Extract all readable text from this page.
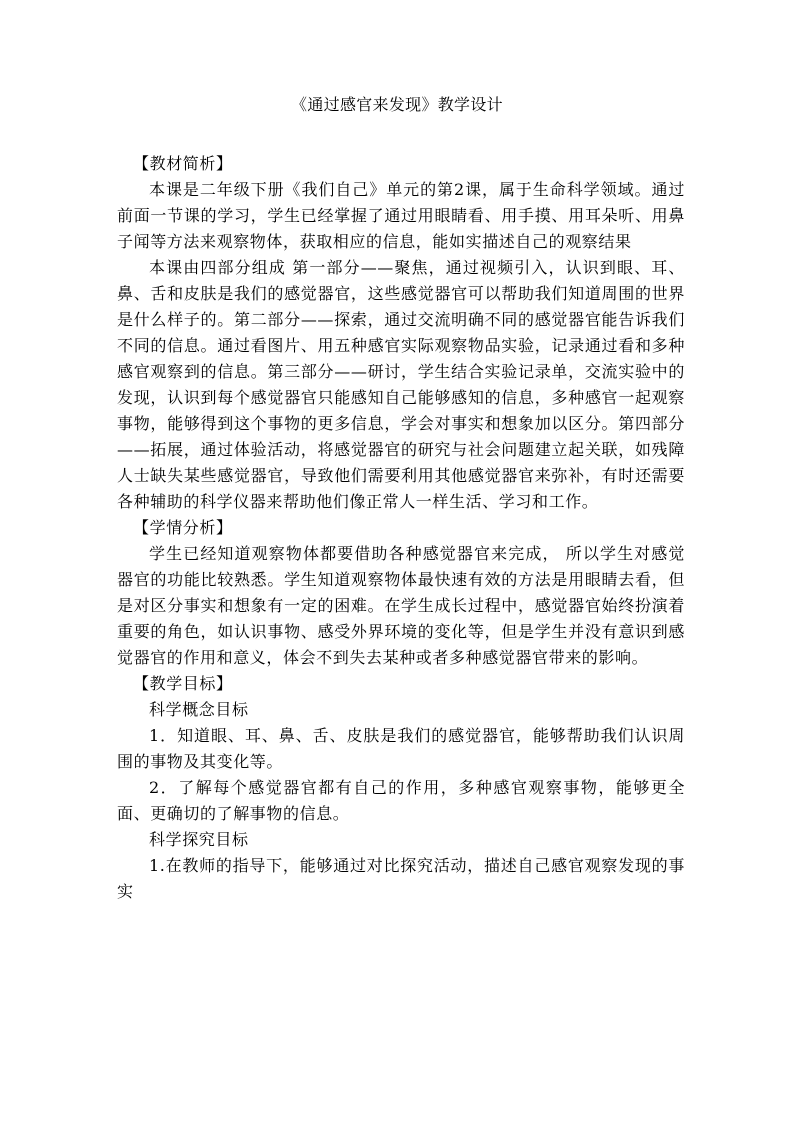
《通过感官来发现》教学设计

【教材简析】

本课是二年级下册《我们自己》单元的第2课，属于生命科学领域。通过前面一节课的学习，学生已经掌握了通过用眼睛看、用手摸、用耳朵听、用鼻子闻等方法来观察物体，获取相应的信息，能如实描述自己的观察结果

本课由四部分组成 第一部分——聚焦，通过视频引入，认识到眼、耳、鼻、舌和皮肤是我们的感觉器官，这些感觉器官可以帮助我们知道周围的世界是什么样子的。第二部分——探索，通过交流明确不同的感觉器官能告诉我们不同的信息。通过看图片、用五种感官实际观察物品实验，记录通过看和多种感官观察到的信息。第三部分——研讨，学生结合实验记录单，交流实验中的发现，认识到每个感觉器官只能感知自己能够感知的信息，多种感官一起观察事物，能够得到这个事物的更多信息，学会对事实和想象加以区分。第四部分——拓展，通过体验活动，将感觉器官的研究与社会问题建立起关联，如残障人士缺失某些感觉器官，导致他们需要利用其他感觉器官来弥补，有时还需要各种辅助的科学仪器来帮助他们像正常人一样生活、学习和工作。

【学情分析】

学生已经知道观察物体都要借助各种感觉器官来完成， 所以学生对感觉器官的功能比较熟悉。学生知道观察物体最快速有效的方法是用眼睛去看，但是对区分事实和想象有一定的困难。在学生成长过程中，感觉器官始终扮演着重要的角色，如认识事物、感受外界环境的变化等，但是学生并没有意识到感觉器官的作用和意义，体会不到失去某种或者多种感觉器官带来的影响。

【教学目标】

科学概念目标

1．知道眼、耳、鼻、舌、皮肤是我们的感觉器官，能够帮助我们认识周围的事物及其变化等。

2．了解每个感觉器官都有自己的作用，多种感官观察事物，能够更全面、更确切的了解事物的信息。

科学探究目标

1.在教师的指导下，能够通过对比探究活动，描述自己感官观察发现的事实
